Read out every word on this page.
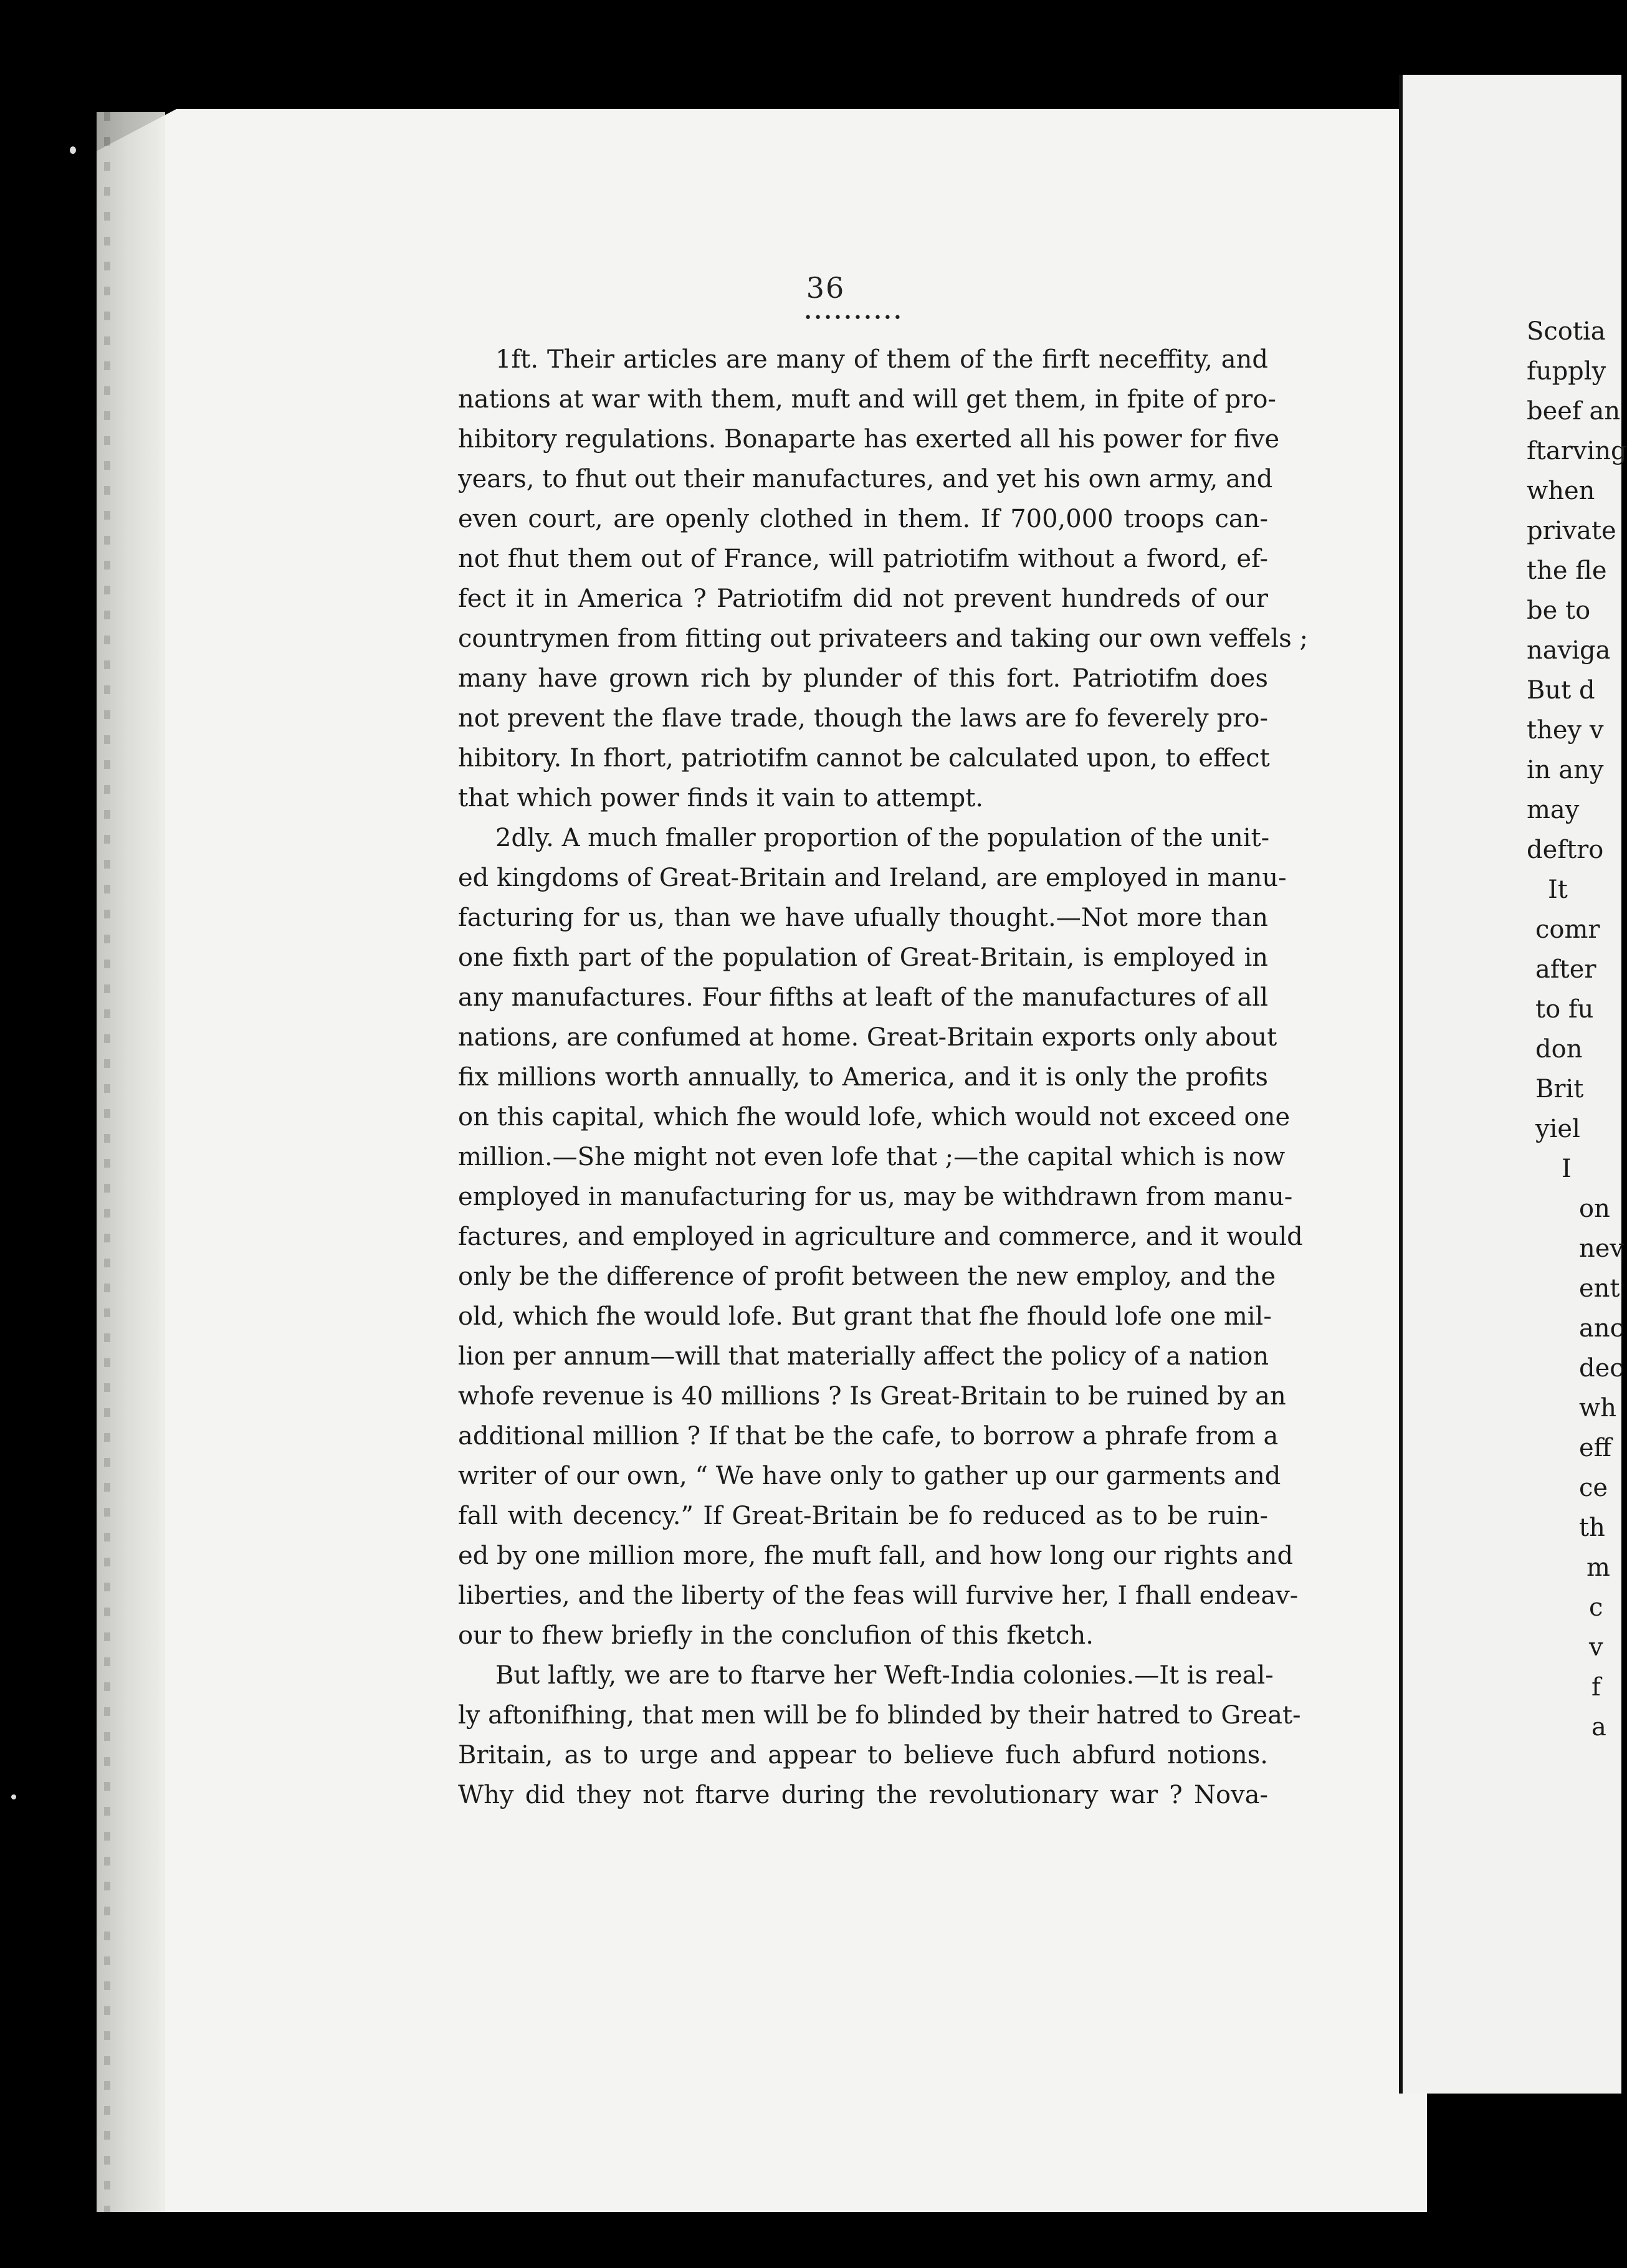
36
••••••••••
1ft. Their articles are many of them of the firft neceffity, and
nations at war with them, muft and will get them, in fpite of pro-
hibitory regulations. Bonaparte has exerted all his power for five
years, to fhut out their manufactures, and yet his own army, and
even court, are openly clothed in them. If 700,000 troops can-
not fhut them out of France, will patriotifm without a fword, ef-
fect it in America ? Patriotifm did not prevent hundreds of our
countrymen from fitting out privateers and taking our own veffels ;
many have grown rich by plunder of this fort. Patriotifm does
not prevent the flave trade, though the laws are fo feverely pro-
hibitory. In fhort, patriotifm cannot be calculated upon, to effect
that which power finds it vain to attempt.
2dly. A much fmaller proportion of the population of the unit-
ed kingdoms of Great-Britain and Ireland, are employed in manu-
facturing for us, than we have ufually thought.—Not more than
one fixth part of the population of Great-Britain, is employed in
any manufactures. Four fifths at leaft of the manufactures of all
nations, are confumed at home. Great-Britain exports only about
fix millions worth annually, to America, and it is only the profits
on this capital, which fhe would lofe, which would not exceed one
million.—She might not even lofe that ;—the capital which is now
employed in manufacturing for us, may be withdrawn from manu-
factures, and employed in agriculture and commerce, and it would
only be the difference of profit between the new employ, and the
old, which fhe would lofe. But grant that fhe fhould lofe one mil-
lion per annum—will that materially affect the policy of a nation
whofe revenue is 40 millions ? Is Great-Britain to be ruined by an
additional million ? If that be the cafe, to borrow a phrafe from a
writer of our own, “ We have only to gather up our garments and
fall with decency.” If Great-Britain be fo reduced as to be ruin-
ed by one million more, fhe muft fall, and how long our rights and
liberties, and the liberty of the feas will furvive her, I fhall endeav-
our to fhew briefly in the conclufion of this fketch.
But laftly, we are to ftarve her Weft-India colonies.—It is real-
ly aftonifhing, that men will be fo blinded by their hatred to Great-
Britain, as to urge and appear to believe fuch abfurd notions.
Why did they not ftarve during the revolutionary war ? Nova-
Scotia
fupply
beef an
ftarving
when
private
the fle
be to
naviga
But d
they v
in any
may
deftro
It
comr
after
to fu
don
Brit
yiel
I
on
nev
ent
anc
dec
wh
eff
ce
th
m
c
v
f
a
